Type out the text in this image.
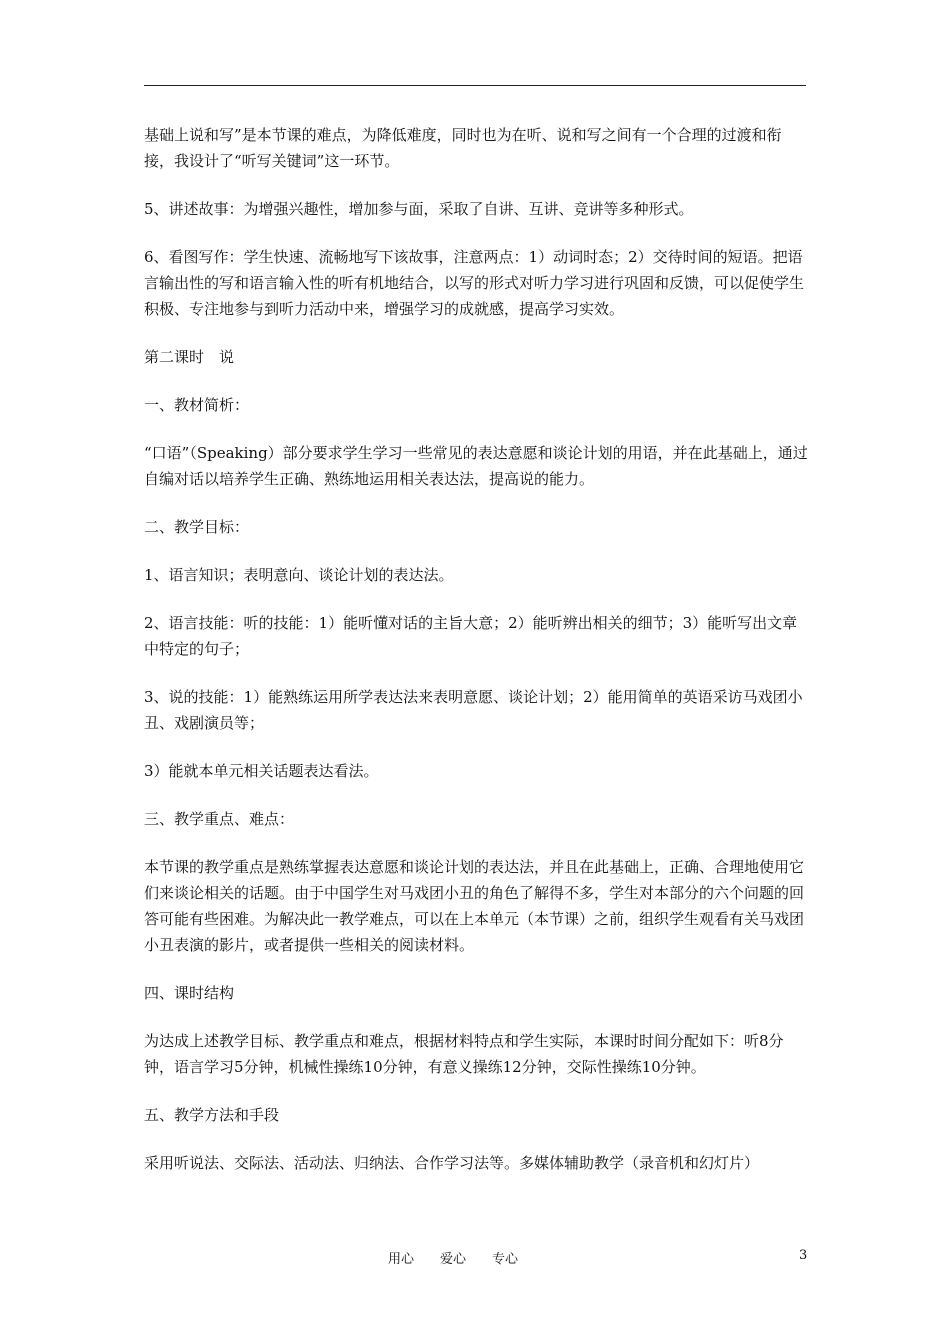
基础上说和写”是本节课的难点，为降低难度，同时也为在听、说和写之间有一个合理的过渡和衔接，我设计了“听写关键词”这一环节。

5、讲述故事：为增强兴趣性，增加参与面，采取了自讲、互讲、竞讲等多种形式。

6、看图写作：学生快速、流畅地写下该故事，注意两点：1）动词时态；2）交待时间的短语。把语言输出性的写和语言输入性的听有机地结合，以写的形式对听力学习进行巩固和反馈，可以促使学生积极、专注地参与到听力活动中来，增强学习的成就感，提高学习实效。

第二课时　说

一、教材简析：

“口语”（Speaking）部分要求学生学习一些常见的表达意愿和谈论计划的用语，并在此基础上，通过自编对话以培养学生正确、熟练地运用相关表达法，提高说的能力。

二、教学目标：

1、语言知识；表明意向、谈论计划的表达法。

2、语言技能：听的技能：1）能听懂对话的主旨大意；2）能听辨出相关的细节；3）能听写出文章中特定的句子；

3、说的技能：1）能熟练运用所学表达法来表明意愿、谈论计划；2）能用简单的英语采访马戏团小丑、戏剧演员等；

3）能就本单元相关话题表达看法。

三、教学重点、难点：

本节课的教学重点是熟练掌握表达意愿和谈论计划的表达法，并且在此基础上，正确、合理地使用它们来谈论相关的话题。由于中国学生对马戏团小丑的角色了解得不多，学生对本部分的六个问题的回答可能有些困难。为解决此一教学难点，可以在上本单元（本节课）之前，组织学生观看有关马戏团小丑表演的影片，或者提供一些相关的阅读材料。

四、课时结构

为达成上述教学目标、教学重点和难点，根据材料特点和学生实际，本课时时间分配如下：听8分钟，语言学习5分钟，机械性操练10分钟，有意义操练12分钟，交际性操练10分钟。

五、教学方法和手段

采用听说法、交际法、活动法、归纳法、合作学习法等。多媒体辅助教学（录音机和幻灯片）

用心　　爱心　　专心	3
